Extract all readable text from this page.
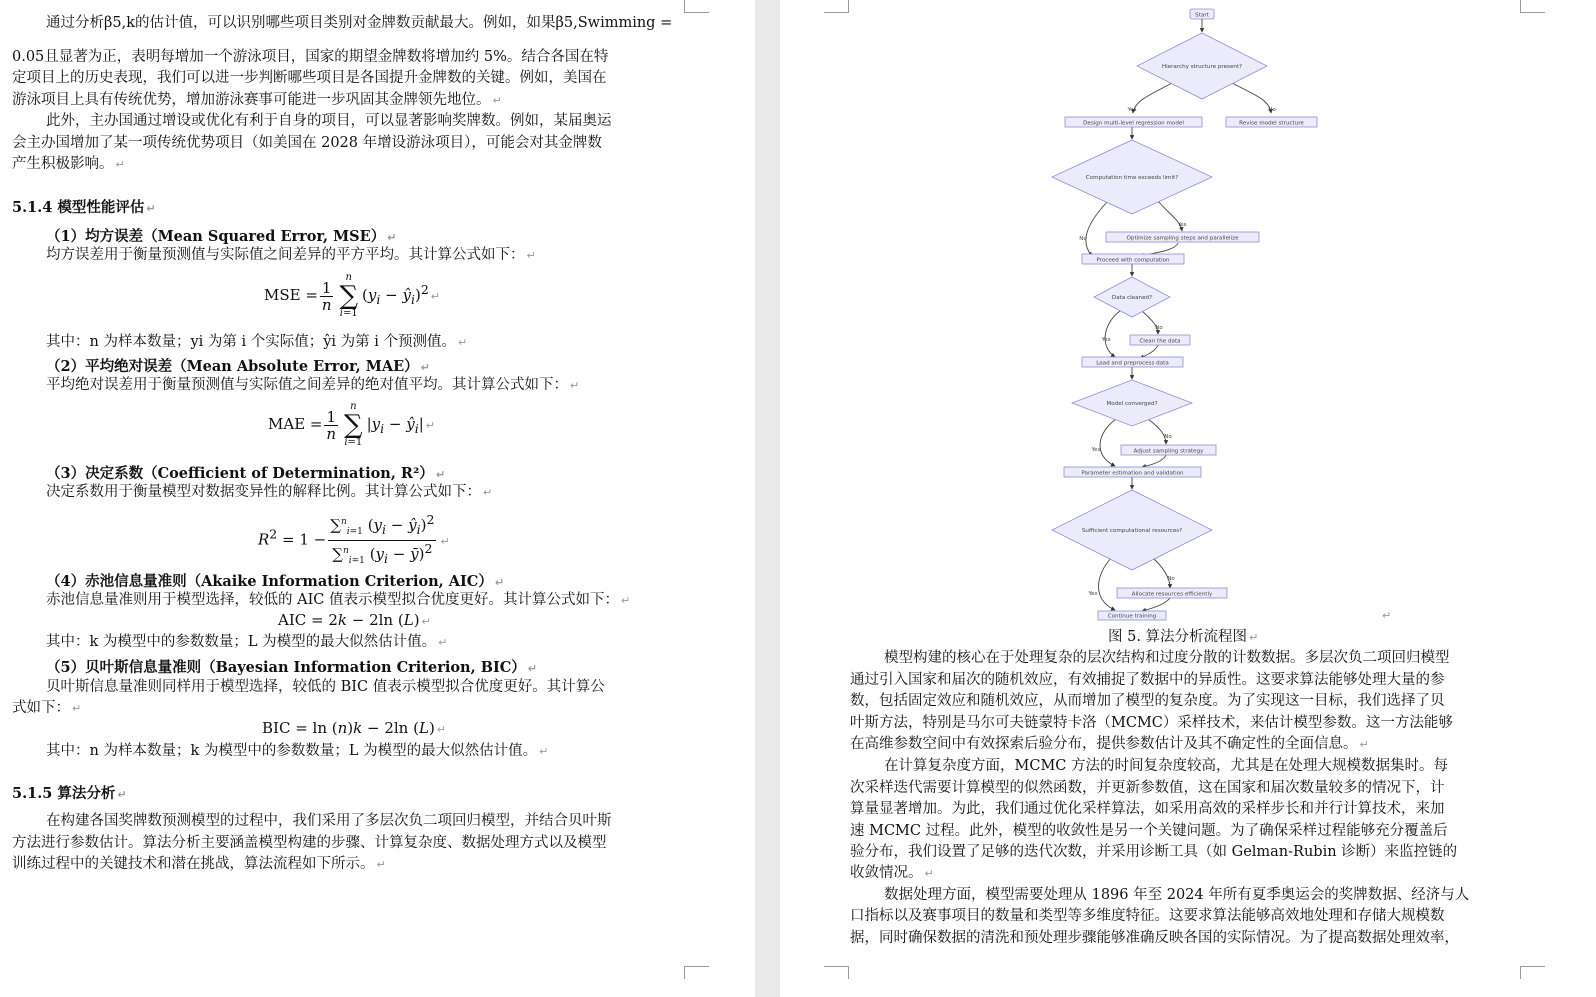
通过分析β5,k的估计值，可以识别哪些项目类别对金牌数贡献最大。例如，如果β5,Swimming =
0.05且显著为正，表明每增加一个游泳项目，国家的期望金牌数将增加约 5%。结合各国在特
定项目上的历史表现，我们可以进一步判断哪些项目是各国提升金牌数的关键。例如，美国在
游泳项目上具有传统优势，增加游泳赛事可能进一步巩固其金牌领先地位。 ↵
此外，主办国通过增设或优化有利于自身的项目，可以显著影响奖牌数。例如，某届奥运
会主办国增加了某一项传统优势项目（如美国在 2028 年增设游泳项目），可能会对其金牌数
产生积极影响。 ↵
5.1.4 模型性能评估 ↵
（1）均方误差（Mean Squared Error, MSE） ↵
均方误差用于衡量预测值与实际值之间差异的平方平均。其计算公式如下： ↵
MSE = $\frac{1}{n}$
n
∑
i=1
($y_i$ − $ŷ_i)^2$ ↵
其中：n 为样本数量；yi 为第 i 个实际值；ŷi 为第 i 个预测值。 ↵
（2）平均绝对误差（Mean Absolute Error, MAE） ↵
平均绝对误差用于衡量预测值与实际值之间差异的绝对值平均。其计算公式如下： ↵
MAE = $\frac{1}{n}$
n
∑
i=1
$|y_i$ − $ŷ_i|$ ↵
（3）决定系数（Coefficient of Determination, R²） ↵
决定系数用于衡量模型对数据变异性的解释比例。其计算公式如下： ↵
$R^2 = 1 - \frac{\sum^n_{i=1} (y_i - ŷ_i)^2}{\sum^n_{i=1} (y_i - ȳ)^2}$ ↵
（4）赤池信息量准则（Akaike Information Criterion, AIC） ↵
赤池信息量准则用于模型选择，较低的 AIC 值表示模型拟合优度更好。其计算公式如下： ↵
AIC = 2k − 2ln (L) ↵
其中：k 为模型中的参数数量；L 为模型的最大似然估计值。 ↵
（5）贝叶斯信息量准则（Bayesian Information Criterion, BIC） ↵
贝叶斯信息量准则同样用于模型选择，较低的 BIC 值表示模型拟合优度更好。其计算公
式如下： ↵
BIC = ln (n)k − 2ln (L) ↵
其中：n 为样本数量；k 为模型中的参数数量；L 为模型的最大似然估计值。 ↵
5.1.5 算法分析 ↵
在构建各国奖牌数预测模型的过程中，我们采用了多层次负二项回归模型，并结合贝叶斯
方法进行参数估计。算法分析主要涵盖模型构建的步骤、计算复杂度、数据处理方式以及模型
训练过程中的关键技术和潜在挑战，算法流程如下所示。 ↵
Start
Hierarchy structure present?
Yes	No
Design multi-level regression model	Revise model structure
Computation time exceeds limit?
No
Yes
Optimize sampling steps and parallelize
Proceed with computation
Data cleaned?
Yes
No
Clean the data
Load and preprocess data
Model converged?
Yes
No
Adjust sampling strategy
Parameter estimation and validation
Sufficient computational resources?
Yes
No
Allocate resources efficiently
Continue training	↵
图 5. 算法分析流程图 ↵
模型构建的核心在于处理复杂的层次结构和过度分散的计数数据。多层次负二项回归模型
通过引入国家和届次的随机效应，有效捕捉了数据中的异质性。这要求算法能够处理大量的参
数，包括固定效应和随机效应，从而增加了模型的复杂度。为了实现这一目标，我们选择了贝
叶斯方法，特别是马尔可夫链蒙特卡洛（MCMC）采样技术，来估计模型参数。这一方法能够
在高维参数空间中有效探索后验分布，提供参数估计及其不确定性的全面信息。 ↵
在计算复杂度方面，MCMC 方法的时间复杂度较高，尤其是在处理大规模数据集时。每
次采样迭代需要计算模型的似然函数，并更新参数值，这在国家和届次数量较多的情况下，计
算量显著增加。为此，我们通过优化采样算法，如采用高效的采样步长和并行计算技术，来加
速 MCMC 过程。此外，模型的收敛性是另一个关键问题。为了确保采样过程能够充分覆盖后
验分布，我们设置了足够的迭代次数，并采用诊断工具（如 Gelman-Rubin 诊断）来监控链的
收敛情况。 ↵
数据处理方面，模型需要处理从 1896 年至 2024 年所有夏季奥运会的奖牌数据、经济与人
口指标以及赛事项目的数量和类型等多维度特征。这要求算法能够高效地处理和存储大规模数
据，同时确保数据的清洗和预处理步骤能够准确反映各国的实际情况。为了提高数据处理效率，
